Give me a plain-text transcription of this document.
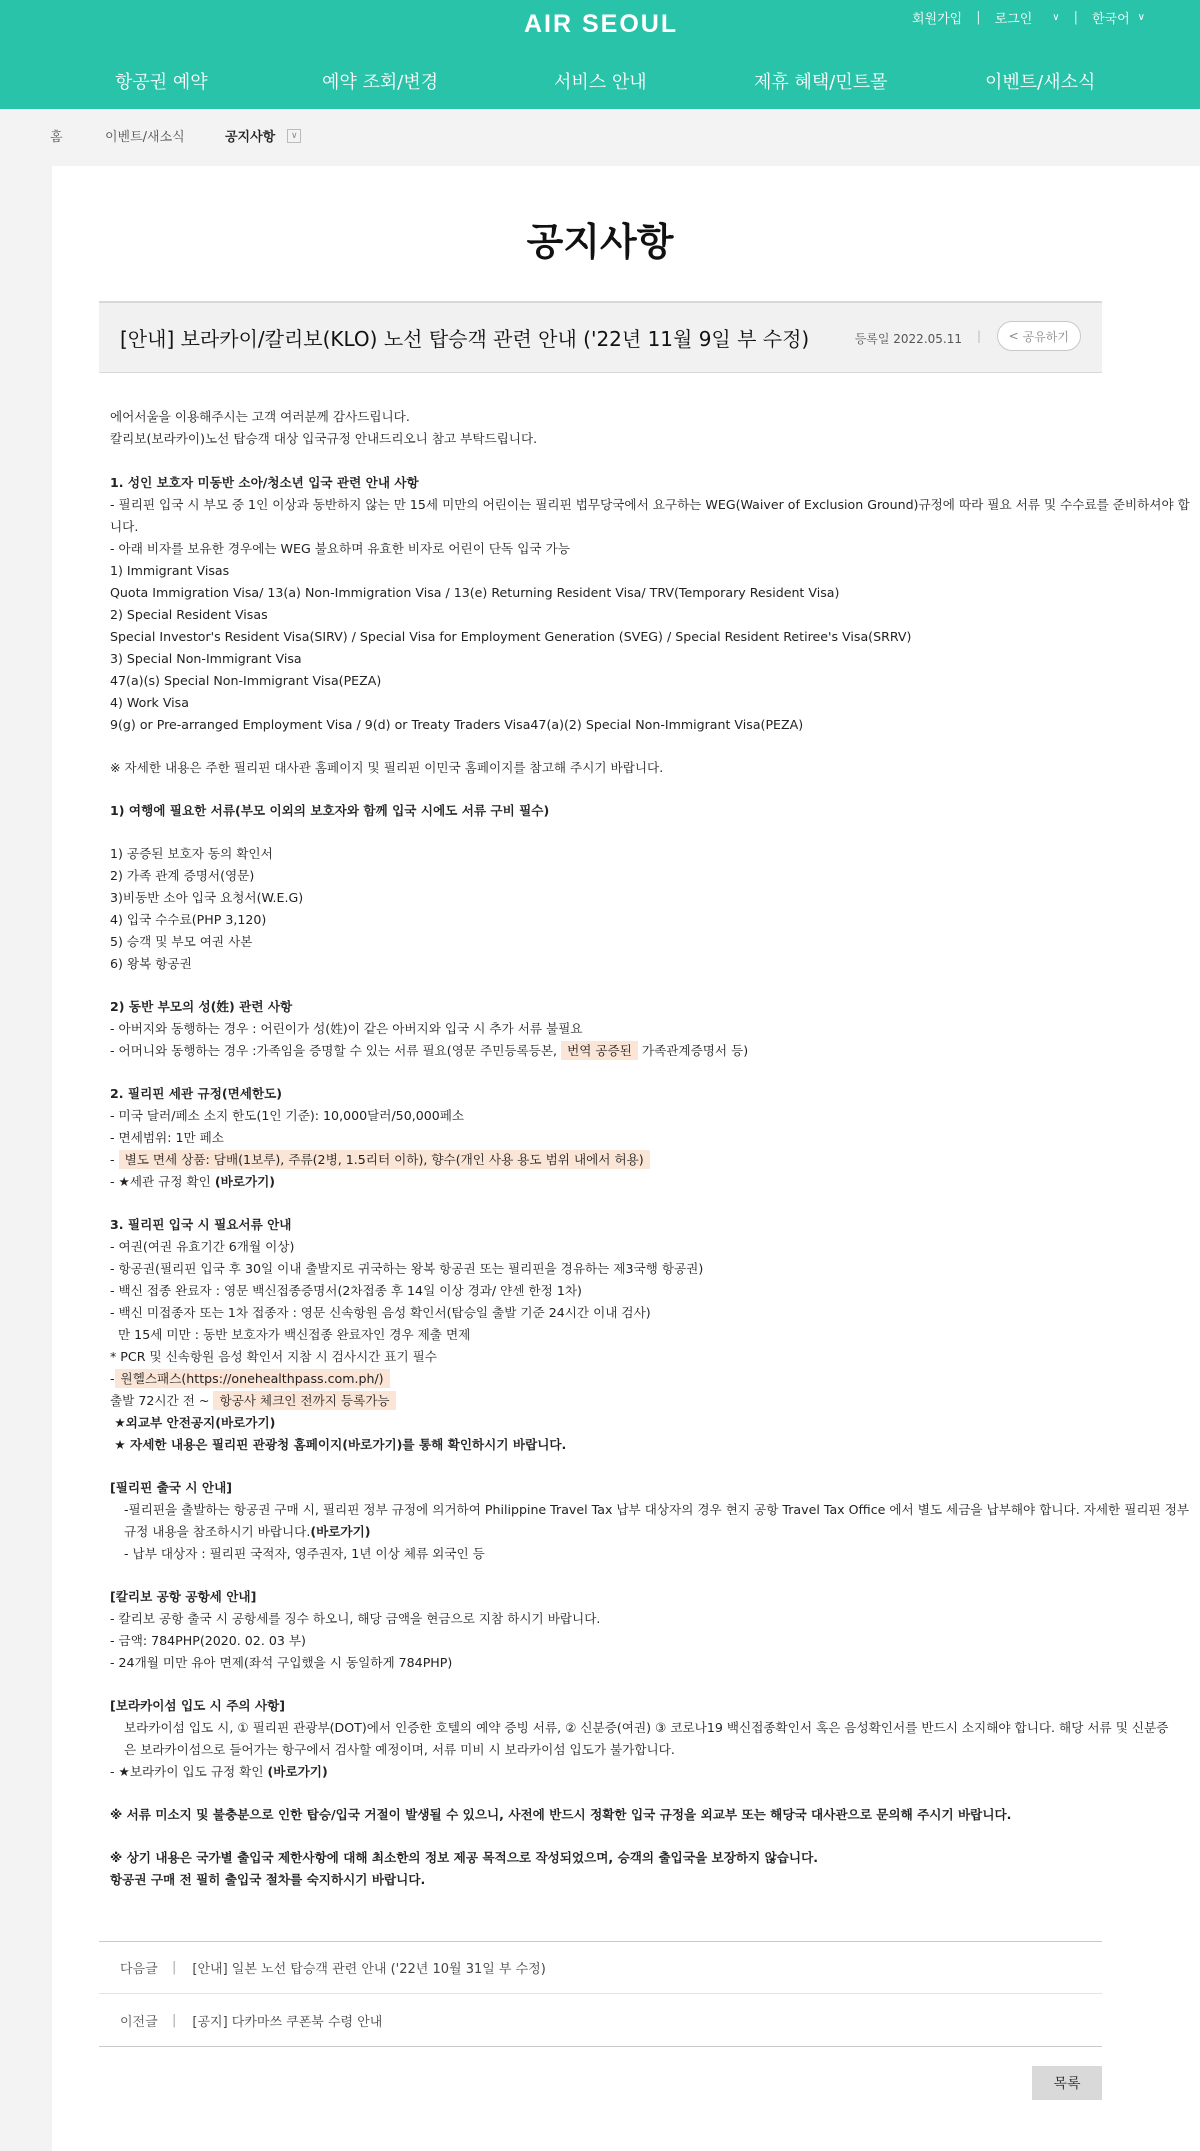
AIR SEOUL	회원가입 | 로그인 ∨ | 한국어 ∨
항공권 예약	예약 조회/변경	서비스 안내	제휴 혜택/민트몰	이벤트/새소식
홈	이벤트/새소식	공지사항	∨
공지사항
[안내] 보라카이/칼리보(KLO) 노선 탑승객 관련 안내 ('22년 11월 9일 부 수정)	등록일 2022.05.11 | < 공유하기
에어서울을 이용해주시는 고객 여러분께 감사드립니다.
칼리보(보라카이)노선 탑승객 대상 입국규정 안내드리오니 참고 부탁드립니다.
1. 성인 보호자 미동반 소아/청소년 입국 관련 안내 사항
- 필리핀 입국 시 부모 중 1인 이상과 동반하지 않는 만 15세 미만의 어린이는 필리핀 법무당국에서 요구하는 WEG(Waiver of Exclusion Ground)규정에 따라 필요 서류 및 수수료를 준비하셔야 합
니다.
- 아래 비자를 보유한 경우에는 WEG 불요하며 유효한 비자로 어린이 단독 입국 가능
1) Immigrant Visas
Quota Immigration Visa/ 13(a) Non-Immigration Visa / 13(e) Returning Resident Visa/ TRV(Temporary Resident Visa)
2) Special Resident Visas
Special Investor's Resident Visa(SIRV) / Special Visa for Employment Generation (SVEG) / Special Resident Retiree's Visa(SRRV)
3) Special Non-Immigrant Visa
47(a)(s) Special Non-Immigrant Visa(PEZA)
4) Work Visa
9(g) or Pre-arranged Employment Visa / 9(d) or Treaty Traders Visa47(a)(2) Special Non-Immigrant Visa(PEZA)
※ 자세한 내용은 주한 필리핀 대사관 홈페이지 및 필리핀 이민국 홈페이지를 참고해 주시기 바랍니다.
1) 여행에 필요한 서류(부모 이외의 보호자와 함께 입국 시에도 서류 구비 필수)
1) 공증된 보호자 동의 확인서
2) 가족 관계 증명서(영문)
3)비동반 소아 입국 요청서(W.E.G)
4) 입국 수수료(PHP 3,120)
5) 승객 및 부모 여권 사본
6) 왕복 항공권
2) 동반 부모의 성(姓) 관련 사항
- 아버지와 동행하는 경우 : 어린이가 성(姓)이 같은 아버지와 입국 시 추가 서류 불필요
- 어머니와 동행하는 경우 :가족임을 증명할 수 있는 서류 필요(영문 주민등록등본, 번역 공증된 가족관계증명서 등)
2. 필리핀 세관 규정(면세한도)
- 미국 달러/페소 소지 한도(1인 기준): 10,000달러/50,000페소
- 면세범위: 1만 페소
- 별도 면세 상품: 담배(1보루), 주류(2병, 1.5리터 이하), 향수(개인 사용 용도 범위 내에서 허용)
- ★세관 규정 확인 (바로가기)
3. 필리핀 입국 시 필요서류 안내
- 여권(여권 유효기간 6개월 이상)
- 항공권(필리핀 입국 후 30일 이내 출발지로 귀국하는 왕복 항공권 또는 필리핀을 경유하는 제3국행 항공권)
- 백신 접종 완료자 : 영문 백신접종증명서(2차접종 후 14일 이상 경과/ 얀센 한정 1차)
- 백신 미접종자 또는 1차 접종자 : 영문 신속항원 음성 확인서(탑승일 출발 기준 24시간 이내 검사)
만 15세 미만 : 동반 보호자가 백신접종 완료자인 경우 제출 면제
* PCR 및 신속항원 음성 확인서 지참 시 검사시간 표기 필수
- 원헬스패스(https://onehealthpass.com.ph/)
출발 72시간 전 ~ 항공사 체크인 전까지 등록가능
★외교부 안전공지(바로가기)
★ 자세한 내용은 필리핀 관광청 홈페이지(바로가기)를 통해 확인하시기 바랍니다.
[필리핀 출국 시 안내]
-필리핀을 출발하는 항공권 구매 시, 필리핀 정부 규정에 의거하여 Philippine Travel Tax 납부 대상자의 경우 현지 공항 Travel Tax Office 에서 별도 세금을 납부해야 합니다. 자세한 필리핀 정부
규정 내용을 참조하시기 바랍니다.(바로가기)
- 납부 대상자 : 필리핀 국적자, 영주권자, 1년 이상 체류 외국인 등
[칼리보 공항 공항세 안내]
- 칼리보 공항 출국 시 공항세를 징수 하오니, 해당 금액을 현금으로 지참 하시기 바랍니다.
- 금액: 784PHP(2020. 02. 03 부)
- 24개월 미만 유아 면제(좌석 구입했을 시 동일하게 784PHP)
[보라카이섬 입도 시 주의 사항]
보라카이섬 입도 시, ① 필리핀 관광부(DOT)에서 인증한 호텔의 예약 증빙 서류, ② 신분증(여권) ③ 코로나19 백신접종확인서 혹은 음성확인서를 반드시 소지해야 합니다. 해당 서류 및 신분증
은 보라카이섬으로 들어가는 항구에서 검사할 예정이며, 서류 미비 시 보라카이섬 입도가 불가합니다.
- ★보라카이 입도 규정 확인 (바로가기)
※ 서류 미소지 및 불충분으로 인한 탑승/입국 거절이 발생될 수 있으니, 사전에 반드시 정확한 입국 규정을 외교부 또는 해당국 대사관으로 문의해 주시기 바랍니다.
※ 상기 내용은 국가별 출입국 제한사항에 대해 최소한의 정보 제공 목적으로 작성되었으며, 승객의 출입국을 보장하지 않습니다.
항공권 구매 전 필히 출입국 절차를 숙지하시기 바랍니다.
다음글	| [안내] 일본 노선 탑승객 관련 안내 ('22년 10월 31일 부 수정)
이전글	| [공지] 다카마쓰 쿠폰북 수령 안내
목록
